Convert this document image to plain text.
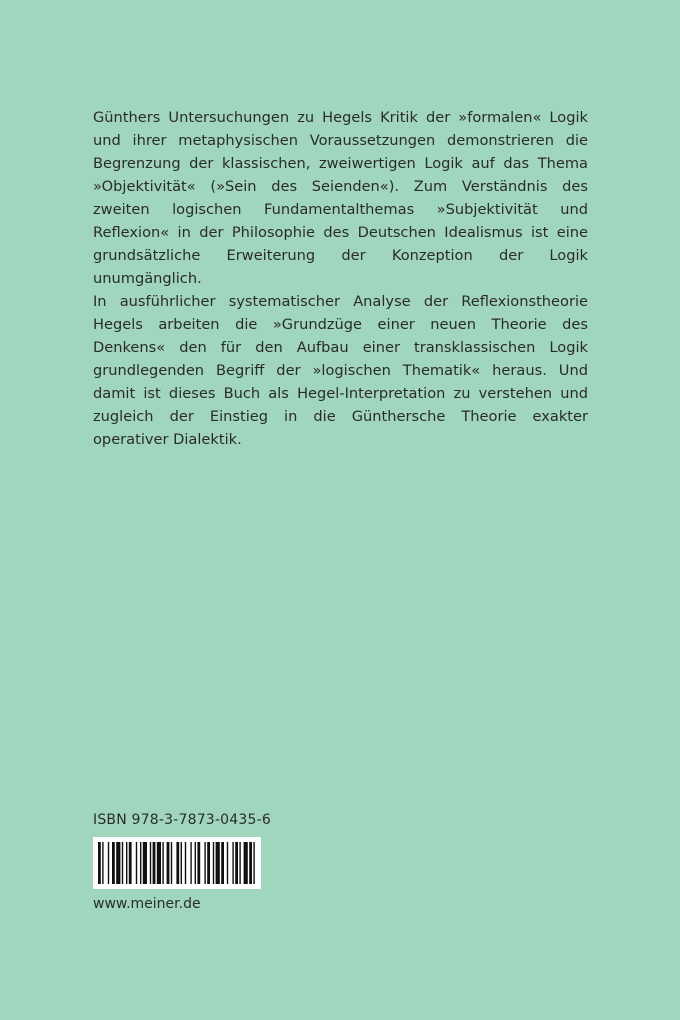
Günthers Untersuchungen zu Hegels Kritik der »formalen« Logik und ihrer metaphysischen Voraussetzungen demonstrieren die Begrenzung der klassischen, zweiwertigen Logik auf das Thema »Objektivität« (»Sein des Seienden«). Zum Verständnis des zweiten logischen Fundamentalthemas »Subjektivität und Reflexion« in der Philosophie des Deutschen Idealismus ist eine grundsätzliche Erweiterung der Konzeption der Logik unumgänglich.

In ausführlicher systematischer Analyse der Reflexionstheorie Hegels arbeiten die »Grundzüge einer neuen Theorie des Denkens« den für den Aufbau einer transklassischen Logik grundlegenden Begriff der »logischen Thematik« heraus. Und damit ist dieses Buch als Hegel-Interpretation zu verstehen und zugleich der Einstieg in die Günthersche Theorie exakter operativer Dialektik.

ISBN 978-3-7873-0435-6
www.meiner.de
